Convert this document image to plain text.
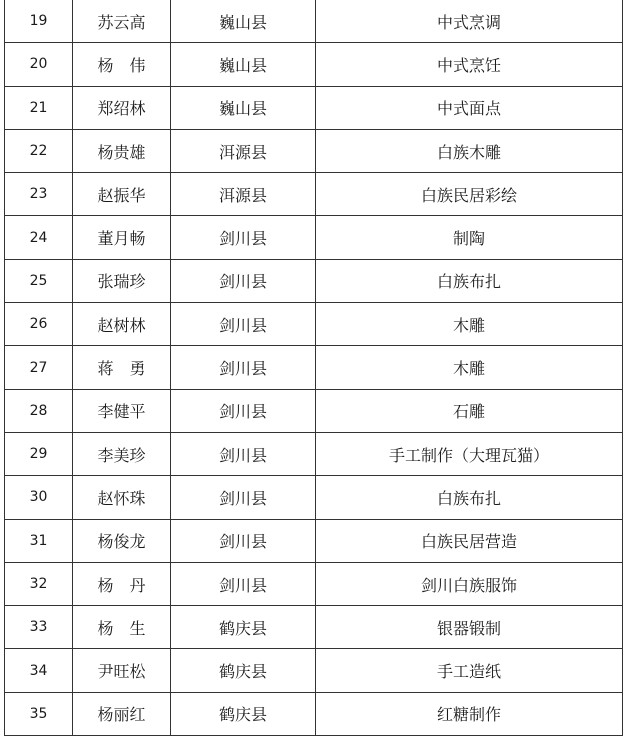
19	苏云高	巍山县	中式烹调
20	杨　伟	巍山县	中式烹饪
21	郑绍林	巍山县	中式面点
22	杨贵雄	洱源县	白族木雕
23	赵振华	洱源县	白族民居彩绘
24	董月畅	剑川县	制陶
25	张瑞珍	剑川县	白族布扎
26	赵树林	剑川县	木雕
27	蒋　勇	剑川县	木雕
28	李健平	剑川县	石雕
29	李美珍	剑川县	手工制作（大理瓦猫）
30	赵怀珠	剑川县	白族布扎
31	杨俊龙	剑川县	白族民居营造
32	杨　丹	剑川县	剑川白族服饰
33	杨　生	鹤庆县	银器锻制
34	尹旺松	鹤庆县	手工造纸
35	杨丽红	鹤庆县	红糖制作
